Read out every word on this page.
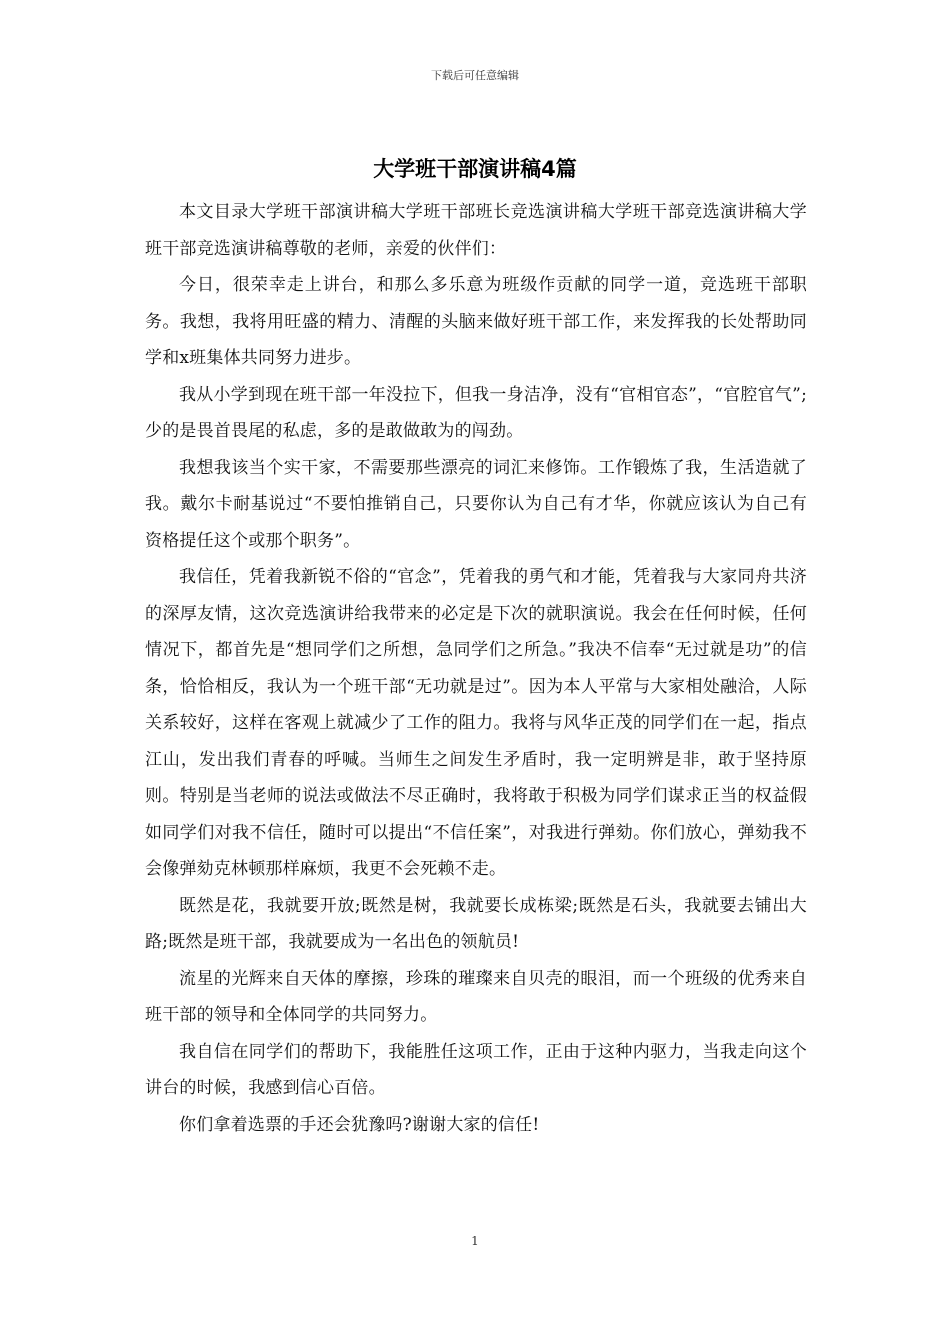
下载后可任意编辑
大学班干部演讲稿4篇

本文目录大学班干部演讲稿大学班干部班长竞选演讲稿大学班干部竞选演讲稿大学班干部竞选演讲稿尊敬的老师，亲爱的伙伴们：

今日，很荣幸走上讲台，和那么多乐意为班级作贡献的同学一道，竞选班干部职务。我想，我将用旺盛的精力、清醒的头脑来做好班干部工作，来发挥我的长处帮助同学和x班集体共同努力进步。

我从小学到现在班干部一年没拉下，但我一身洁净，没有“官相官态”，“官腔官气”;少的是畏首畏尾的私虑，多的是敢做敢为的闯劲。

我想我该当个实干家，不需要那些漂亮的词汇来修饰。工作锻炼了我，生活造就了我。戴尔卡耐基说过“不要怕推销自己，只要你认为自己有才华，你就应该认为自己有资格提任这个或那个职务”。

我信任，凭着我新锐不俗的“官念”，凭着我的勇气和才能，凭着我与大家同舟共济的深厚友情，这次竞选演讲给我带来的必定是下次的就职演说。我会在任何时候，任何情况下，都首先是“想同学们之所想，急同学们之所急。”我决不信奉“无过就是功”的信条，恰恰相反，我认为一个班干部“无功就是过”。因为本人平常与大家相处融洽，人际关系较好，这样在客观上就减少了工作的阻力。我将与风华正茂的同学们在一起，指点江山，发出我们青春的呼喊。当师生之间发生矛盾时，我一定明辨是非，敢于坚持原则。特别是当老师的说法或做法不尽正确时，我将敢于积极为同学们谋求正当的权益假如同学们对我不信任，随时可以提出“不信任案”，对我进行弹劾。你们放心，弹劾我不会像弹劾克林顿那样麻烦，我更不会死赖不走。

既然是花，我就要开放;既然是树，我就要长成栋梁;既然是石头，我就要去铺出大路;既然是班干部，我就要成为一名出色的领航员!

流星的光辉来自天体的摩擦，珍珠的璀璨来自贝壳的眼泪，而一个班级的优秀来自班干部的领导和全体同学的共同努力。

我自信在同学们的帮助下，我能胜任这项工作，正由于这种内驱力，当我走向这个讲台的时候，我感到信心百倍。

你们拿着选票的手还会犹豫吗?谢谢大家的信任!

1
